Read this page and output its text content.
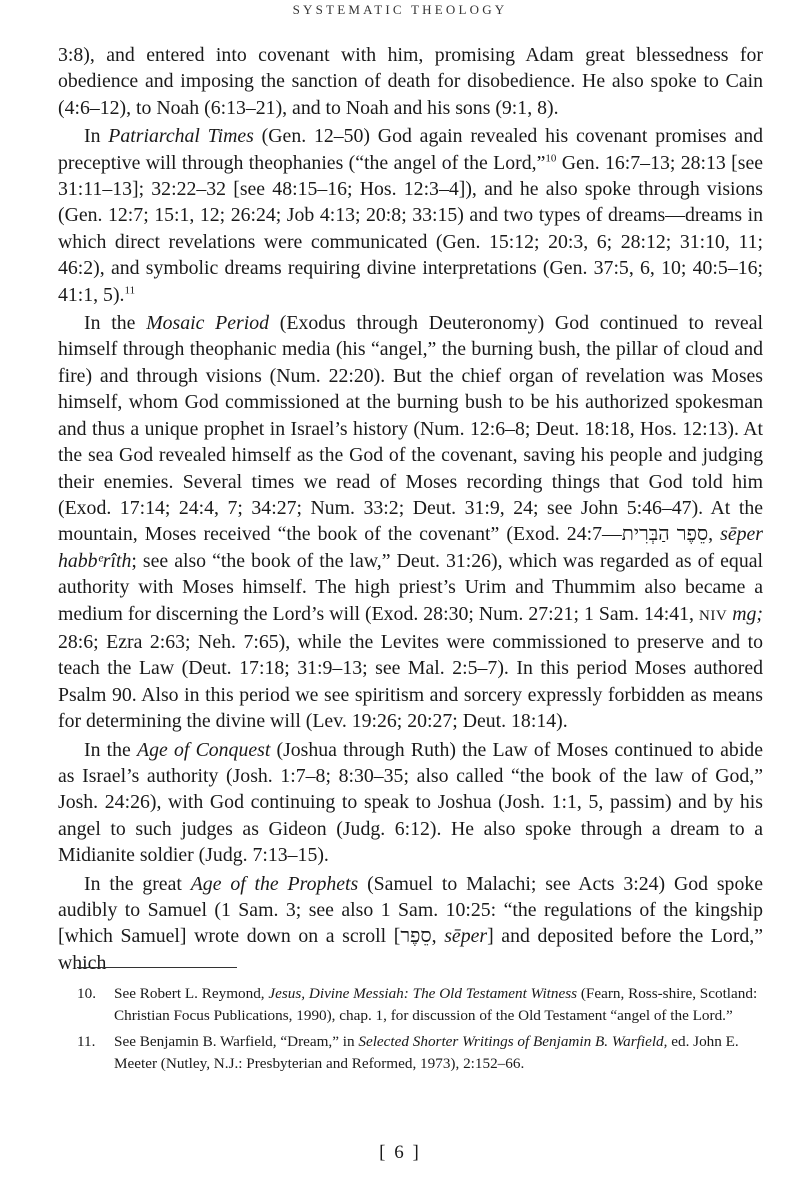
SYSTEMATIC THEOLOGY

3:8), and entered into covenant with him, promising Adam great blessedness for obedience and imposing the sanction of death for disobedience. He also spoke to Cain (4:6–12), to Noah (6:13–21), and to Noah and his sons (9:1, 8).

In Patriarchal Times (Gen. 12–50) God again revealed his covenant promises and preceptive will through theophanies (“the angel of the Lord,”$^{10}$ Gen. 16:7–13; 28:13 [see 31:11–13]; 32:22–32 [see 48:15–16; Hos. 12:3–4]), and he also spoke through visions (Gen. 12:7; 15:1, 12; 26:24; Job 4:13; 20:8; 33:15) and two types of dreams—dreams in which direct revelations were communicated (Gen. 15:12; 20:3, 6; 28:12; 31:10, 11; 46:2), and symbolic dreams requiring divine interpretations (Gen. 37:5, 6, 10; 40:5–16; 41:1, 5).$^{11}$

In the Mosaic Period (Exodus through Deuteronomy) God continued to reveal himself through theophanic media (his “angel,” the burning bush, the pillar of cloud and fire) and through visions (Num. 22:20). But the chief organ of revelation was Moses himself, whom God commissioned at the burning bush to be his authorized spokesman and thus a unique prophet in Israel’s history (Num. 12:6–8; Deut. 18:18, Hos. 12:13). At the sea God revealed himself as the God of the covenant, saving his people and judging their enemies. Several times we read of Moses recording things that God told him (Exod. 17:14; 24:4, 7; 34:27; Num. 33:2; Deut. 31:9, 24; see John 5:46–47). At the mountain, Moses received “the book of the covenant” (Exod. 24:7—סֵפֶר הַבְּרִית, sēper habbᵉrîth; see also “the book of the law,” Deut. 31:26), which was regarded as of equal authority with Moses himself. The high priest’s Urim and Thummim also became a medium for discerning the Lord’s will (Exod. 28:30; Num. 27:21; 1 Sam. 14:41, NIV mg; 28:6; Ezra 2:63; Neh. 7:65), while the Levites were commissioned to preserve and to teach the Law (Deut. 17:18; 31:9–13; see Mal. 2:5–7). In this period Moses authored Psalm 90. Also in this period we see spiritism and sorcery expressly forbidden as means for determining the divine will (Lev. 19:26; 20:27; Deut. 18:14).

In the Age of Conquest (Joshua through Ruth) the Law of Moses continued to abide as Israel’s authority (Josh. 1:7–8; 8:30–35; also called “the book of the law of God,” Josh. 24:26), with God continuing to speak to Joshua (Josh. 1:1, 5, passim) and by his angel to such judges as Gideon (Judg. 6:12). He also spoke through a dream to a Midianite soldier (Judg. 7:13–15).

In the great Age of the Prophets (Samuel to Malachi; see Acts 3:24) God spoke audibly to Samuel (1 Sam. 3; see also 1 Sam. 10:25: “the regulations of the kingship [which Samuel] wrote down on a scroll [סֵפֶר, sēper] and deposited before the Lord,” which

10.	See Robert L. Reymond, Jesus, Divine Messiah: The Old Testament Witness (Fearn, Ross-shire, Scotland: Christian Focus Publications, 1990), chap. 1, for discussion of the Old Testament “angel of the Lord.”
11.	See Benjamin B. Warfield, “Dream,” in Selected Shorter Writings of Benjamin B. Warfield, ed. John E. Meeter (Nutley, N.J.: Presbyterian and Reformed, 1973), 2:152–66.
[ 6 ]
